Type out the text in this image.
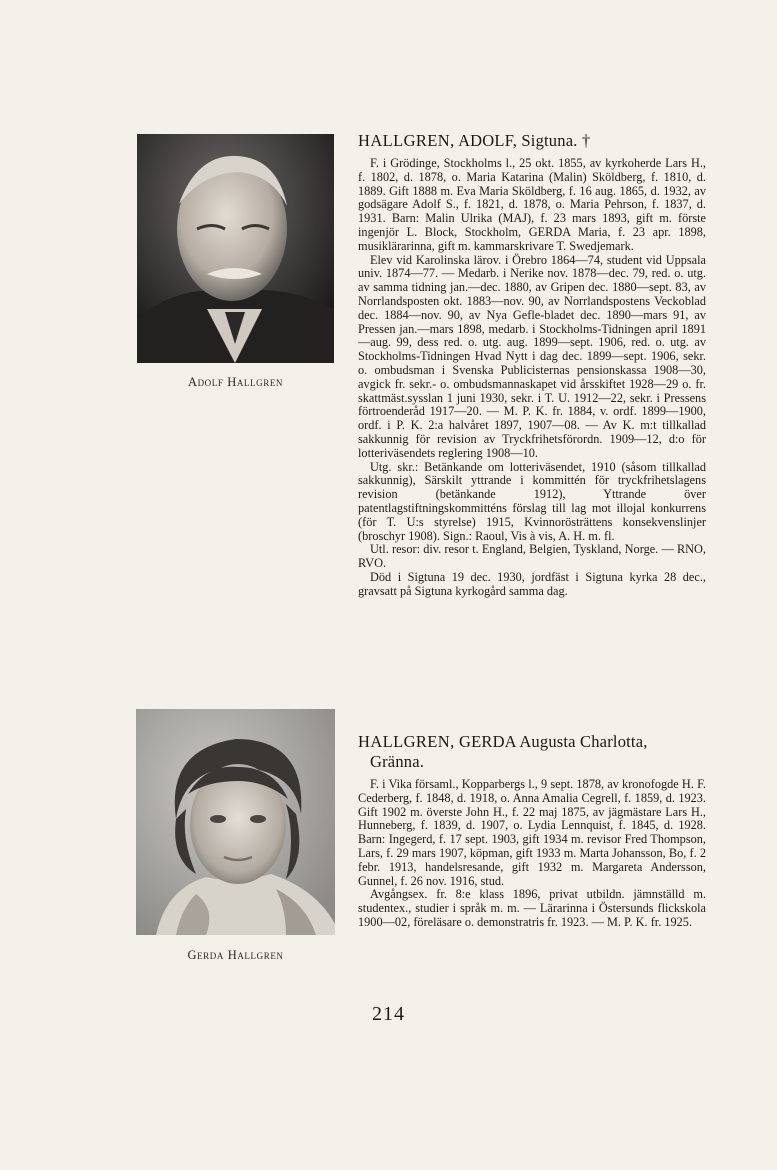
Adolf Hallgren
Gerda Hallgren
HALLGREN, ADOLF, Sigtuna. †

F. i Grödinge, Stockholms l., 25 okt. 1855, av kyrkoherde Lars H., f. 1802, d. 1878, o. Maria Katarina (Malin) Sköldberg, f. 1810, d. 1889. Gift 1888 m. Eva Maria Sköldberg, f. 16 aug. 1865, d. 1932, av godsägare Adolf S., f. 1821, d. 1878, o. Maria Pehrson, f. 1837, d. 1931. Barn: Malin Ulrika (MAJ), f. 23 mars 1893, gift m. förste ingenjör L. Block, Stockholm, GERDA Maria, f. 23 apr. 1898, musiklärarinna, gift m. kammarskrivare T. Swedjemark.

Elev vid Karolinska lärov. i Örebro 1864—74, student vid Uppsala univ. 1874—77. — Medarb. i Nerike nov. 1878—dec. 79, red. o. utg. av samma tidning jan.—dec. 1880, av Gripen dec. 1880—sept. 83, av Norrlandsposten okt. 1883—nov. 90, av Norrlandspostens Veckoblad dec. 1884—nov. 90, av Nya Gefle-bladet dec. 1890—mars 91, av Pressen jan.—mars 1898, medarb. i Stockholms-Tidningen april 1891—aug. 99, dess red. o. utg. aug. 1899—sept. 1906, red. o. utg. av Stockholms-Tidningen Hvad Nytt i dag dec. 1899—sept. 1906, sekr. o. ombudsman i Svenska Publicisternas pensionskassa 1908—30, avgick fr. sekr.- o. ombudsmannaskapet vid årsskiftet 1928—29 o. fr. skattmäst.sysslan 1 juni 1930, sekr. i T. U. 1912—22, sekr. i Pressens förtroenderåd 1917—20. — M. P. K. fr. 1884, v. ordf. 1899—1900, ordf. i P. K. 2:a halvåret 1897, 1907—08. — Av K. m:t tillkallad sakkunnig för revision av Tryckfrihetsförordn. 1909—12, d:o för lotteriväsendets reglering 1908—10.

Utg. skr.: Betänkande om lotteriväsendet, 1910 (såsom tillkallad sakkunnig), Särskilt yttrande i kommittén för tryckfrihetslagens revision (betänkande 1912), Yttrande över patentlagstiftningskommitténs förslag till lag mot illojal konkurrens (för T. U:s styrelse) 1915, Kvinnorösträttens konsekvenslinjer (broschyr 1908). Sign.: Raoul, Vis à vis, A. H. m. fl.

Utl. resor: div. resor t. England, Belgien, Tyskland, Norge. — RNO, RVO.

Död i Sigtuna 19 dec. 1930, jordfäst i Sigtuna kyrka 28 dec., gravsatt på Sigtuna kyrkogård samma dag.

HALLGREN, GERDA Augusta Charlotta,
Gränna.

F. i Vika församl., Kopparbergs l., 9 sept. 1878, av kronofogde H. F. Cederberg, f. 1848, d. 1918, o. Anna Amalia Cegrell, f. 1859, d. 1923. Gift 1902 m. överste John H., f. 22 maj 1875, av jägmästare Lars H., Hunneberg, f. 1839, d. 1907, o. Lydia Lennquist, f. 1845, d. 1928. Barn: Ingegerd, f. 17 sept. 1903, gift 1934 m. revisor Fred Thompson, Lars, f. 29 mars 1907, köpman, gift 1933 m. Marta Johansson, Bo, f. 2 febr. 1913, handelsresande, gift 1932 m. Margareta Andersson, Gunnel, f. 26 nov. 1916, stud.

Avgångsex. fr. 8:e klass 1896, privat utbildn. jämnställd m. studentex., studier i språk m. m. — Lärarinna i Östersunds flickskola 1900—02, föreläsare o. demonstratris fr. 1923. — M. P. K. fr. 1925.

214
